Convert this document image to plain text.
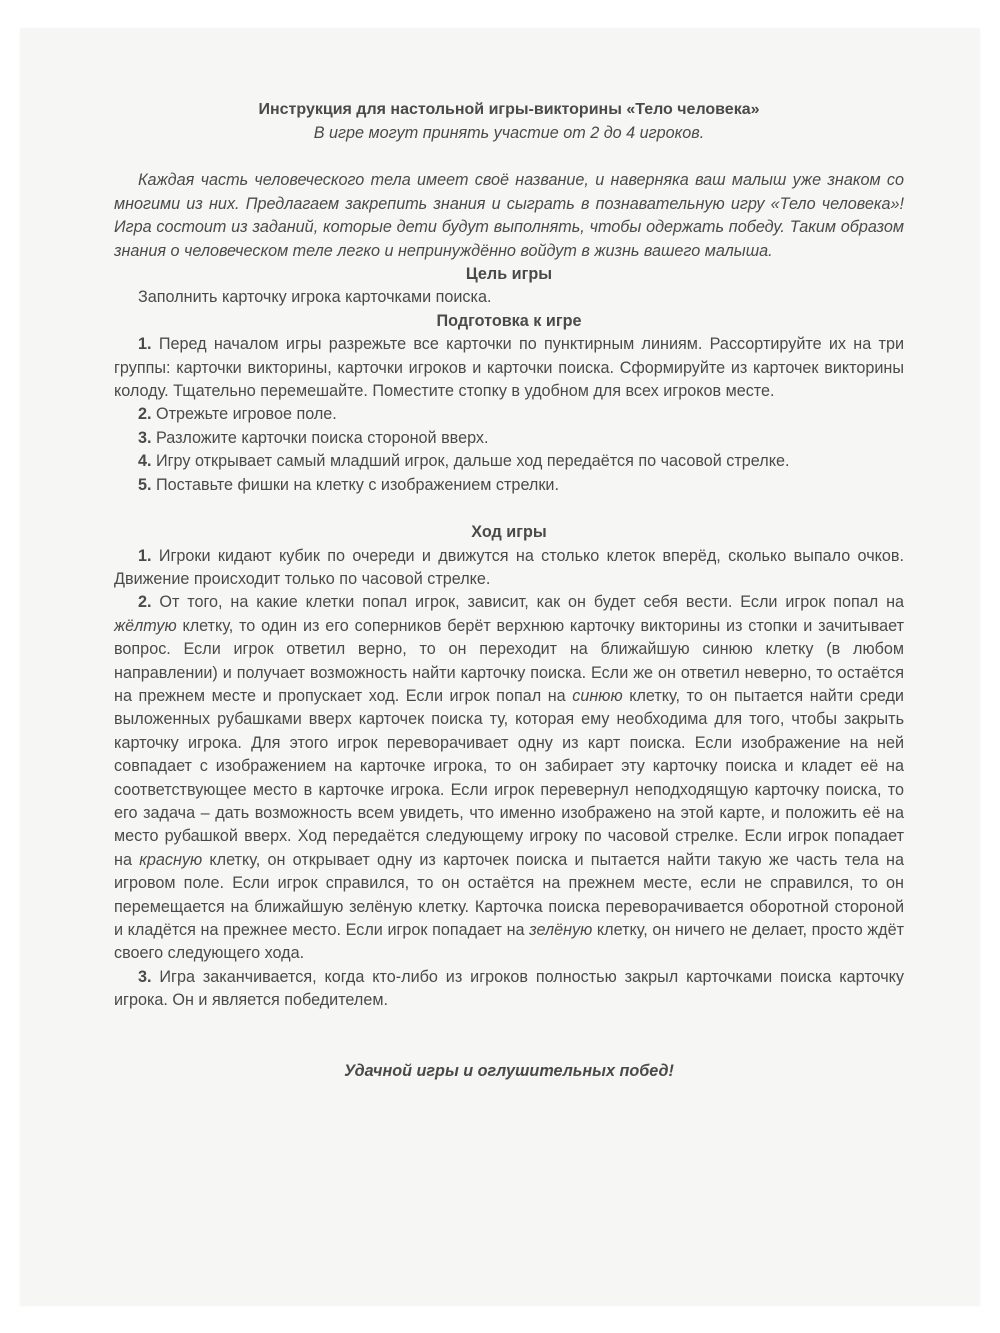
Инструкция для настольной игры-викторины «Тело человека»

В игре могут принять участие от 2 до 4 игроков.

Каждая часть человеческого тела имеет своё название, и наверняка ваш малыш уже знаком со многими из них. Предлагаем закрепить знания и сыграть в познавательную игру «Тело человека»! Игра состоит из заданий, которые дети будут выполнять, чтобы одержать победу. Таким образом знания о человеческом теле легко и непринуждённо войдут в жизнь вашего малыша.

Цель игры

Заполнить карточку игрока карточками поиска.

Подготовка к игре

1. Перед началом игры разрежьте все карточки по пунктирным линиям. Рассортируйте их на три группы: карточки викторины, карточки игроков и карточки поиска. Сформируйте из карточек викторины колоду. Тщательно перемешайте. Поместите стопку в удобном для всех игроков месте.

2. Отрежьте игровое поле.

3. Разложите карточки поиска стороной вверх.

4. Игру открывает самый младший игрок, дальше ход передаётся по часовой стрелке.

5. Поставьте фишки на клетку с изображением стрелки.

Ход игры

1. Игроки кидают кубик по очереди и движутся на столько клеток вперёд, сколько выпало очков. Движение происходит только по часовой стрелке.

2. От того, на какие клетки попал игрок, зависит, как он будет себя вести. Если игрок попал на жёлтую клетку, то один из его соперников берёт верхнюю карточку викторины из стопки и зачитывает вопрос. Если игрок ответил верно, то он переходит на ближайшую синюю клетку (в любом направлении) и получает возможность найти карточку поиска. Если же он ответил неверно, то остаётся на прежнем месте и пропускает ход. Если игрок попал на синюю клетку, то он пытается найти среди выложенных рубашками вверх карточек поиска ту, которая ему необходима для того, чтобы закрыть карточку игрока. Для этого игрок переворачивает одну из карт поиска. Если изображение на ней совпадает с изображением на карточке игрока, то он забирает эту карточку поиска и кладет её на соответствующее место в карточке игрока. Если игрок перевернул неподходящую карточку поиска, то его задача – дать возможность всем увидеть, что именно изображено на этой карте, и положить её на место рубашкой вверх. Ход передаётся следующему игроку по часовой стрелке. Если игрок попадает на красную клетку, он открывает одну из карточек поиска и пытается найти такую же часть тела на игровом поле. Если игрок справился, то он остаётся на прежнем месте, если не справился, то он перемещается на ближайшую зелёную клетку. Карточка поиска переворачивается оборотной стороной и кладётся на прежнее место. Если игрок попадает на зелёную клетку, он ничего не делает, просто ждёт своего следующего хода.

3. Игра заканчивается, когда кто-либо из игроков полностью закрыл карточками поиска карточку игрока. Он и является победителем.

Удачной игры и оглушительных побед!
